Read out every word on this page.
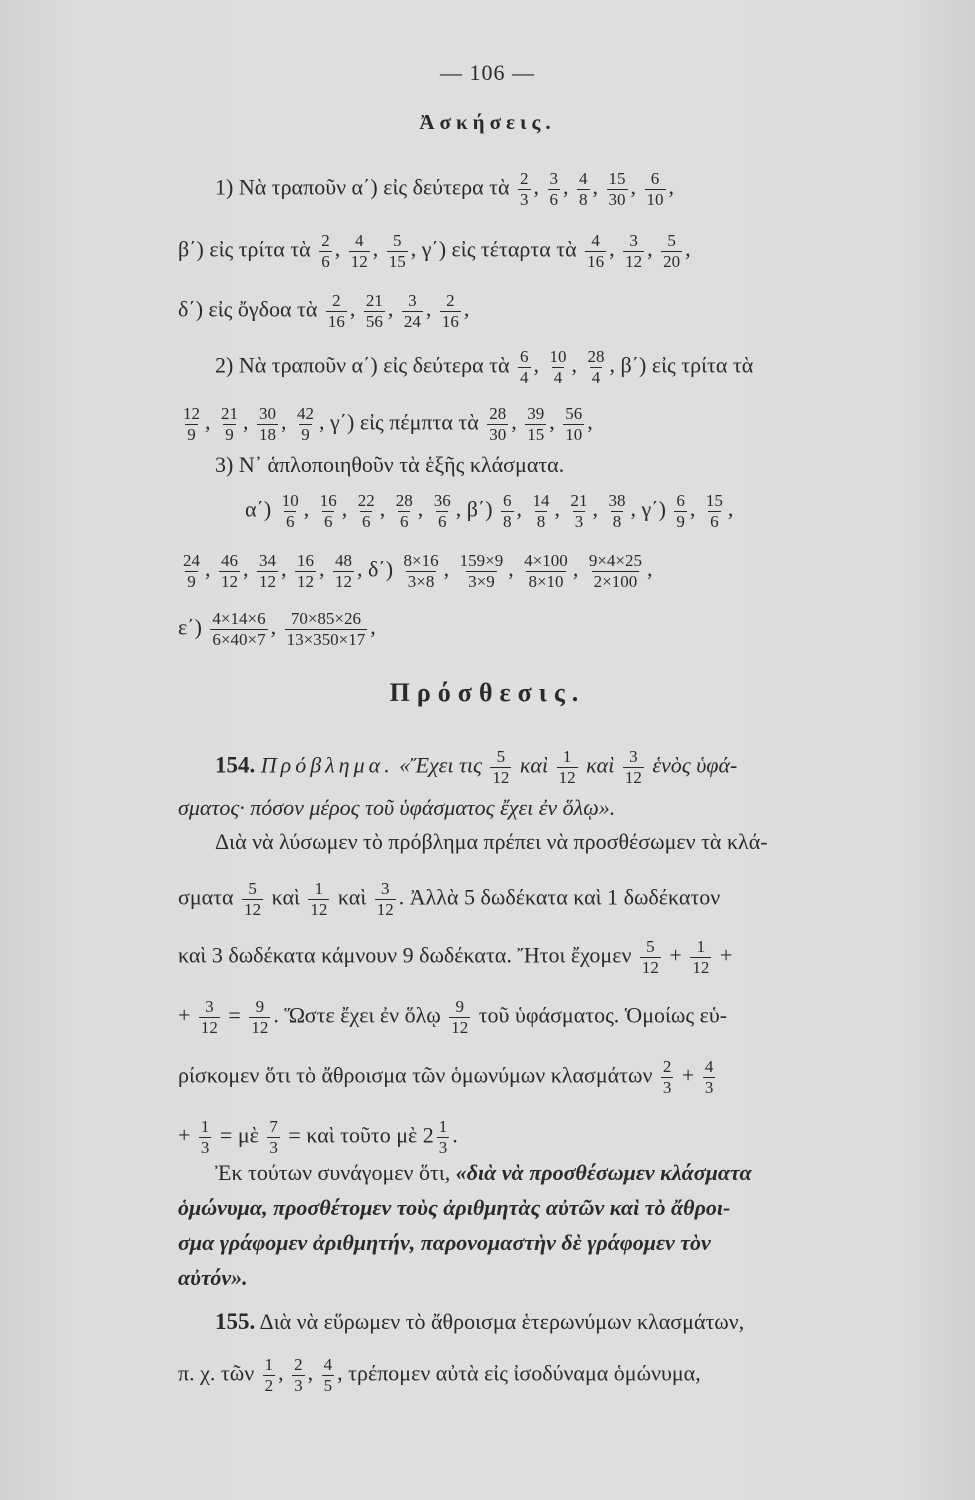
— 106 —
Ἀσκήσεις.
1) Νὰ τραποῦν α΄) εἰς δεύτερα τὰ $\frac{2}{3}$ , $\frac{3}{6}$ , $\frac{4}{8}$ , $\frac{15}{30}$ , $\frac{6}{10}$ ,
β΄) εἰς τρίτα τὰ $\frac{2}{6}$ , $\frac{4}{12}$ , $\frac{5}{15}$ , γ΄) εἰς τέταρτα τὰ $\frac{4}{16}$ , $\frac{3}{12}$ , $\frac{5}{20}$ ,
δ΄) εἰς ὄγδοα τὰ $\frac{2}{16}$ , $\frac{21}{56}$ , $\frac{3}{24}$ , $\frac{2}{16}$ ,
2) Νὰ τραποῦν α΄) εἰς δεύτερα τὰ $\frac{6}{4}$ , $\frac{10}{4}$ , $\frac{28}{4}$ , β΄) εἰς τρίτα τὰ
$\frac{12}{9}$ , $\frac{21}{9}$ , $\frac{30}{18}$ , $\frac{42}{9}$ , γ΄) εἰς πέμπτα τὰ $\frac{28}{30}$ , $\frac{39}{15}$ , $\frac{56}{10}$ ,
3) Ν᾽ ἁπλοποιηθοῦν τὰ ἑξῆς κλάσματα.
$\alpha΄) \frac{10}{6}$ , $\frac{16}{6}$ , $\frac{22}{6}$ , $\frac{28}{6}$ , $\frac{36}{6}$ , $\beta΄) \frac{6}{8}$ , $\frac{14}{8}$ , $\frac{21}{3}$ , $\frac{38}{8}$ , $\gamma΄) \frac{6}{9}$ , $\frac{15}{6}$ ,
$\frac{24}{9}$ , $\frac{46}{12}$ , $\frac{34}{12}$ , $\frac{16}{12}$ , $\frac{48}{12}$ , $\delta΄) \frac{8\times 16}{3\times 8}$ , $\frac{159\times 9}{3\times 9}$ , $\frac{4\times 100}{8\times 10}$ , $\frac{9\times 4\times 25}{2\times 100}$ ,
$\varepsilon΄) \frac{4\times 14\times 6}{6\times 40\times 7}$ , $\frac{70\times 85\times 26}{13\times 350\times 17}$ ,
Πρόσθεσις.
154. Πρόβλημα. «Ἔχει τις $\frac{5}{12}$ καὶ $\frac{1}{12}$ καὶ $\frac{3}{12}$ ἑνὸς ὑφά-
σματος· πόσον μέρος τοῦ ὑφάσματος ἔχει ἐν ὅλῳ».
Διὰ νὰ λύσωμεν τὸ πρόβλημα πρέπει νὰ προσθέσωμεν τὰ κλά-
σματα $\frac{5}{12}$ καὶ $\frac{1}{12}$ καὶ $\frac{3}{12}$ . Ἀλλὰ 5 δωδέκατα καὶ 1 δωδέκατον
καὶ 3 δωδέκατα κάμνουν 9 δωδέκατα. Ἤτοι ἔχομεν $\frac{5}{12} + \frac{1}{12}$ +
+ $\frac{3}{12} = \frac{9}{12}$ . Ὥστε ἔχει ἐν ὅλῳ $\frac{9}{12}$ τοῦ ὑφάσματος. Ὁμοίως εὑ-
ρίσκομεν ὅτι τὸ ἄθροισμα τῶν ὁμωνύμων κλασμάτων $\frac{2}{3} + \frac{4}{3}$
+ $\frac{1}{3}$ = μὲ $\frac{7}{3}$ = καὶ τοῦτο μὲ $2 \frac{1}{3}$ .
Ἐκ τούτων συνάγομεν ὅτι, «διὰ νὰ προσθέσωμεν κλάσματα
ὁμώνυμα, προσθέτομεν τοὺς ἀριθμητὰς αὐτῶν καὶ τὸ ἄθροι-
σμα γράφομεν ἀριθμητήν, παρονομαστὴν δὲ γράφομεν τὸν
αὐτόν».
155. Διὰ νὰ εὕρωμεν τὸ ἄθροισμα ἑτερωνύμων κλασμάτων,
π. χ. τῶν $\frac{1}{2}$ , $\frac{2}{3}$ , $\frac{4}{5}$ , τρέπομεν αὐτὰ εἰς ἰσοδύναμα ὁμώνυμα,
